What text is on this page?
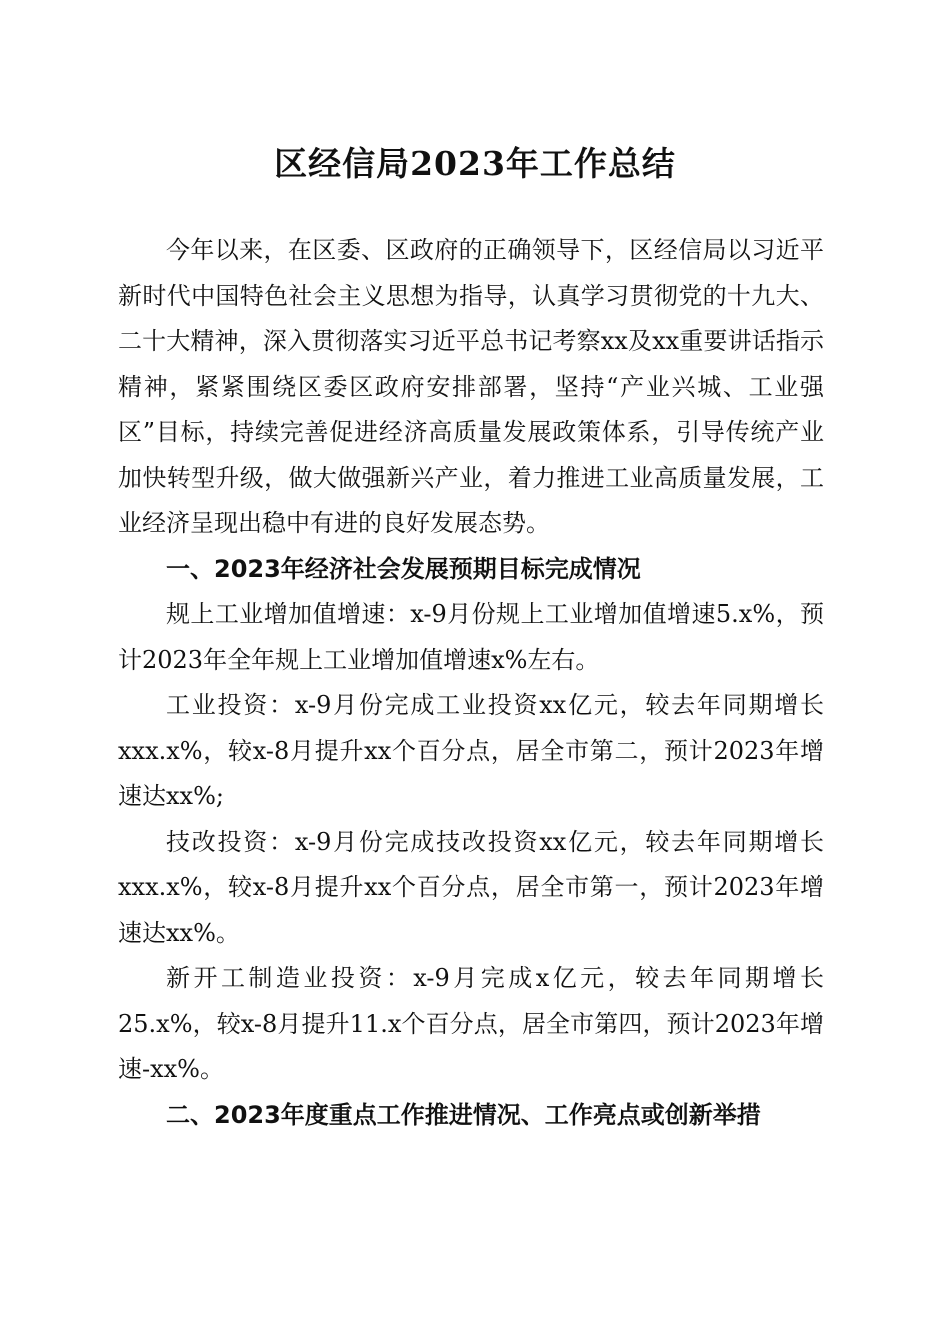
区经信局2023年工作总结

今年以来，在区委、区政府的正确领导下，区经信局以习近平新时代中国特色社会主义思想为指导，认真学习贯彻党的十九大、二十大精神，深入贯彻落实习近平总书记考察xx及xx重要讲话指示精神，紧紧围绕区委区政府安排部署，坚持“产业兴城、工业强区”目标，持续完善促进经济高质量发展政策体系，引导传统产业加快转型升级，做大做强新兴产业，着力推进工业高质量发展，工业经济呈现出稳中有进的良好发展态势。

一、2023年经济社会发展预期目标完成情况

规上工业增加值增速：x-9月份规上工业增加值增速5.x%，预计2023年全年规上工业增加值增速x%左右。

工业投资：x-9月份完成工业投资xx亿元，较去年同期增长xxx.x%，较x-8月提升xx个百分点，居全市第二，预计2023年增速达xx%;

技改投资：x-9月份完成技改投资xx亿元，较去年同期增长xxx.x%，较x-8月提升xx个百分点，居全市第一，预计2023年增速达xx%。

新开工制造业投资：x-9月完成x亿元，较去年同期增长25.x%，较x-8月提升11.x个百分点，居全市第四，预计2023年增速-xx%。

二、2023年度重点工作推进情况、工作亮点或创新举措
